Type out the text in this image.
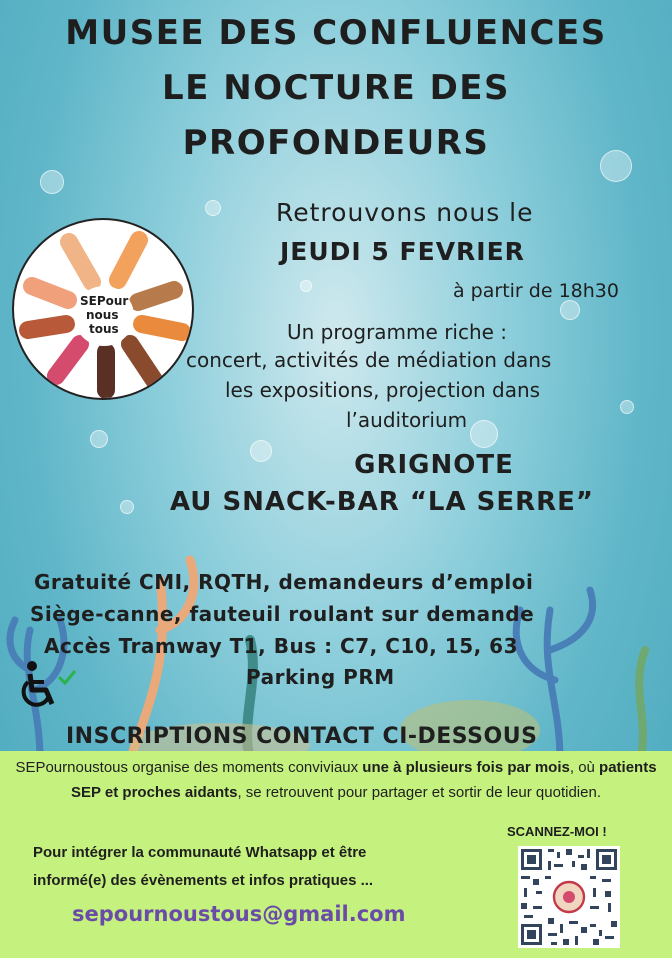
MUSEE DES CONFLUENCES
LE NOCTURE DES
PROFONDEURS
SEPour
nous
tous
Retrouvons nous le
JEUDI 5 FEVRIER
à partir de 18h30
Un programme riche :
concert, activités de médiation dans
les expositions, projection dans
l’auditorium
GRIGNOTE
AU SNACK-BAR “LA SERRE”
Gratuité CMI, RQTH, demandeurs d’emploi
Siège-canne, fauteuil roulant sur demande
Accès Tramway T1, Bus : C7, C10, 15, 63
Parking PRM
INSCRIPTIONS CONTACT CI-DESSOUS
SEPournoustous organise des moments conviviaux une à plusieurs fois par mois, où patients SEP et proches aidants, se retrouvent pour partager et sortir de leur quotidien.
SCANNEZ-MOI !
Pour intégrer la communauté Whatsapp et être
informé(e) des évènements et infos pratiques ...
sepournoustous@gmail.com
